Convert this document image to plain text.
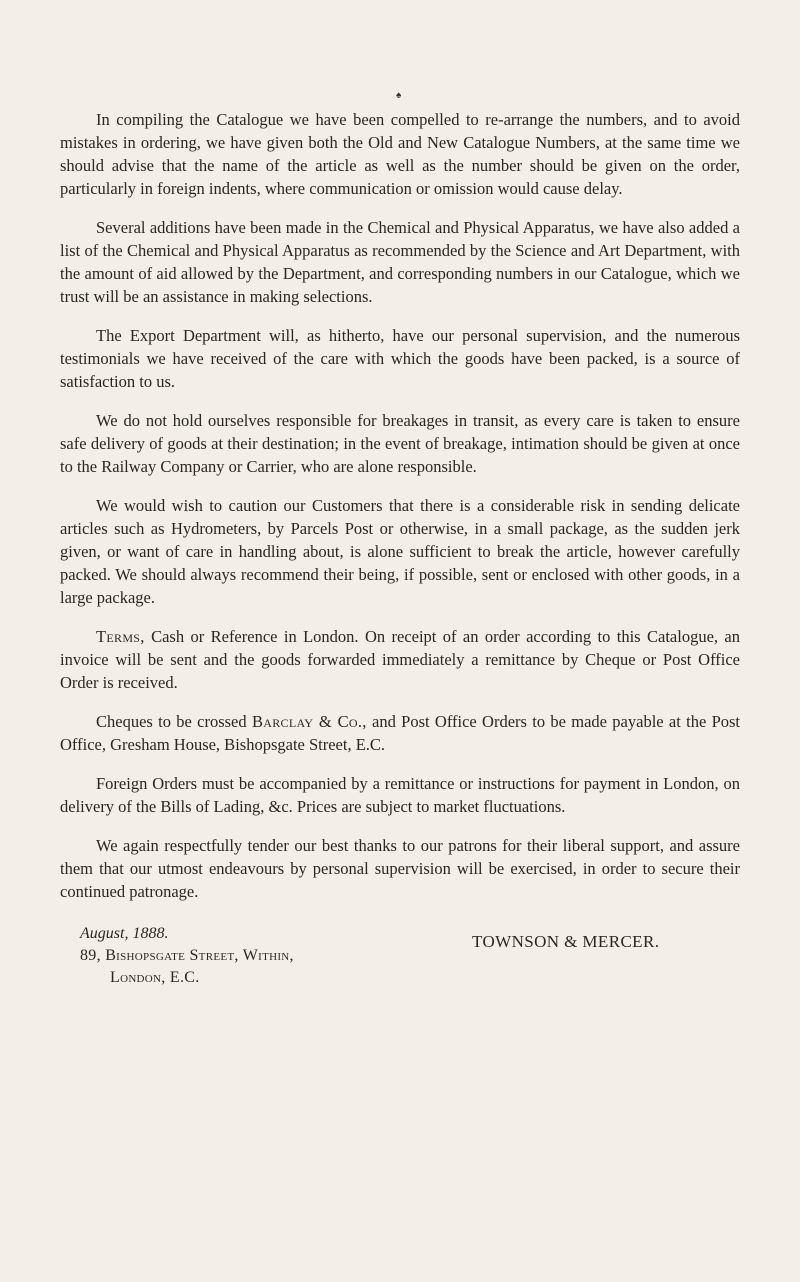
♠

In compiling the Catalogue we have been compelled to re-arrange the numbers, and to avoid mistakes in ordering, we have given both the Old and New Catalogue Numbers, at the same time we should advise that the name of the article as well as the number should be given on the order, particularly in foreign indents, where communication or omission would cause delay.

Several additions have been made in the Chemical and Physical Apparatus, we have also added a list of the Chemical and Physical Apparatus as recommended by the Science and Art Department, with the amount of aid allowed by the Department, and corresponding numbers in our Catalogue, which we trust will be an assistance in making selections.

The Export Department will, as hitherto, have our personal supervision, and the numerous testimonials we have received of the care with which the goods have been packed, is a source of satisfaction to us.

We do not hold ourselves responsible for breakages in transit, as every care is taken to ensure safe delivery of goods at their destination; in the event of breakage, intimation should be given at once to the Railway Company or Carrier, who are alone responsible.

We would wish to caution our Customers that there is a considerable risk in sending delicate articles such as Hydrometers, by Parcels Post or otherwise, in a small package, as the sudden jerk given, or want of care in handling about, is alone sufficient to break the article, however carefully packed. We should always recommend their being, if possible, sent or enclosed with other goods, in a large package.

Terms, Cash or Reference in London. On receipt of an order according to this Catalogue, an invoice will be sent and the goods forwarded immediately a remittance by Cheque or Post Office Order is received.

Cheques to be crossed Barclay & Co., and Post Office Orders to be made payable at the Post Office, Gresham House, Bishopsgate Street, E.C.

Foreign Orders must be accompanied by a remittance or instructions for payment in London, on delivery of the Bills of Lading, &c. Prices are subject to market fluctuations.

We again respectfully tender our best thanks to our patrons for their liberal support, and assure them that our utmost endeavours by personal supervision will be exercised, in order to secure their continued patronage.

August, 1888.
89, Bishopsgate Street, Within,
London, E.C.
TOWNSON & MERCER.
